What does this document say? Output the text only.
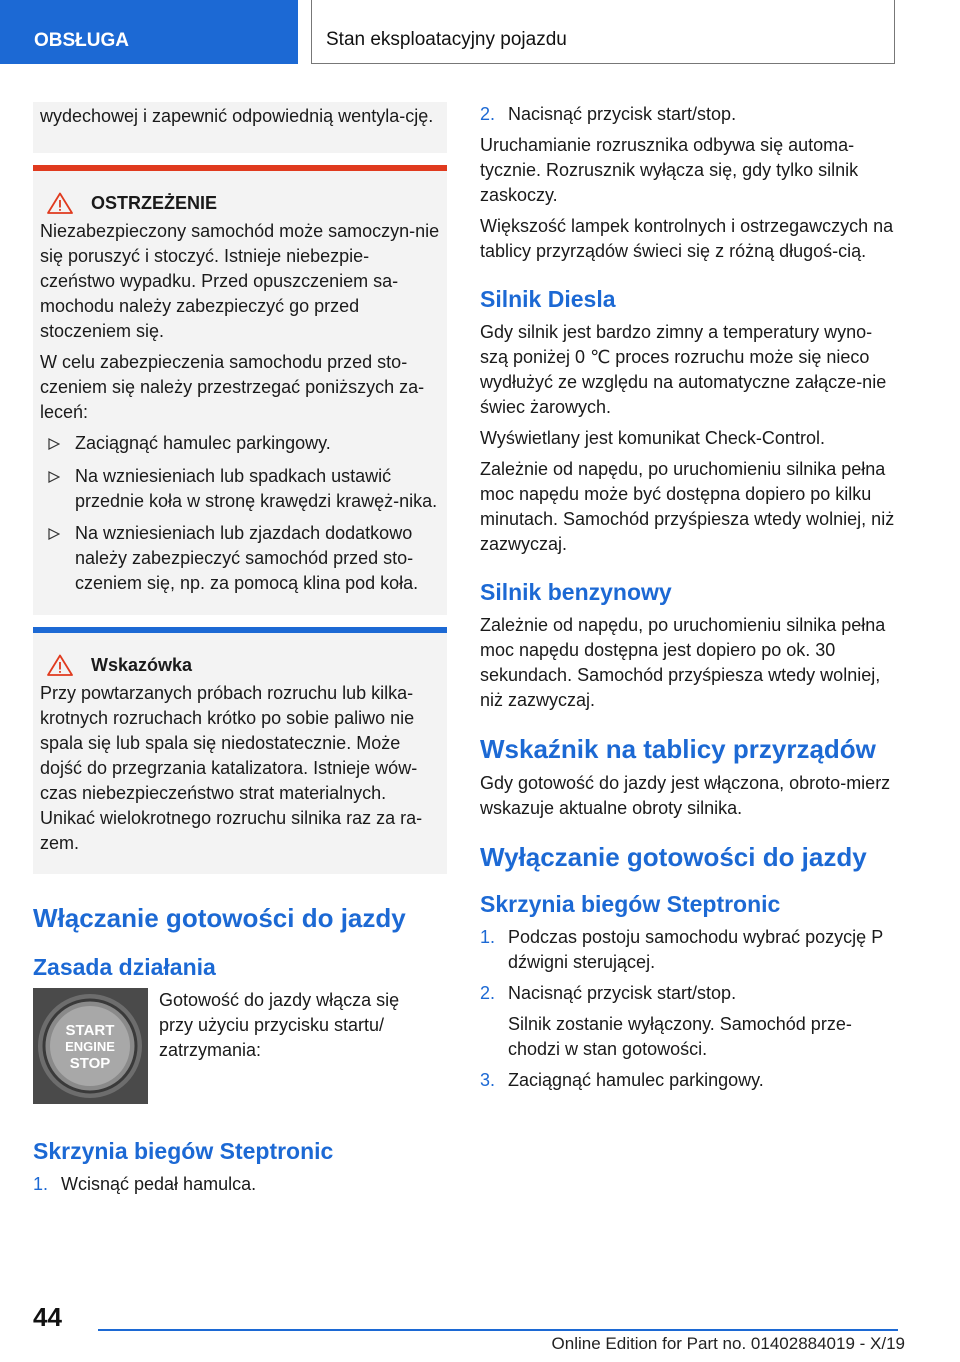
OBSŁUGA	Stan eksploatacyjny pojazdu

wydechowej i zapewnić odpowiednią wentyla-cję.

OSTRZEŻENIE

Niezabezpieczony samochód może samoczyn-nie się poruszyć i stoczyć. Istnieje niebezpie-czeństwo wypadku. Przed opuszczeniem sa-mochodu należy zabezpieczyć go przed stoczeniem się.

W celu zabezpieczenia samochodu przed sto-czeniem się należy przestrzegać poniższych za-leceń:

Zaciągnąć hamulec parkingowy.
Na wzniesieniach lub spadkach ustawić przednie koła w stronę krawędzi krawęż-nika.
Na wzniesieniach lub zjazdach dodatkowo należy zabezpieczyć samochód przed sto-czeniem się, np. za pomocą klina pod koła.
Wskazówka

Przy powtarzanych próbach rozruchu lub kilka-krotnych rozruchach krótko po sobie paliwo nie spala się lub spala się niedostatecznie. Może dojść do przegrzania katalizatora. Istnieje wów-czas niebezpieczeństwo strat materialnych. Unikać wielokrotnego rozruchu silnika raz za ra-zem.

Włączanie gotowości do jazdy
Zasada działania
START
ENGINE
STOP

Gotowość do jazdy włącza się przy użyciu przycisku startu/ zatrzymania:

Skrzynia biegów Steptronic
1. Wcisnąć pedał hamulca.
2. Nacisnąć przycisk start/stop.

Uruchamianie rozrusznika odbywa się automa-tycznie. Rozrusznik wyłącza się, gdy tylko silnik zaskoczy.

Większość lampek kontrolnych i ostrzegawczych na tablicy przyrządów świeci się z różną długoś-cią.

Silnik Diesla

Gdy silnik jest bardzo zimny a temperatury wyno-szą poniżej 0 ℃ proces rozruchu może się nieco wydłużyć ze względu na automatyczne załącze-nie świec żarowych.

Wyświetlany jest komunikat Check-Control.

Zależnie od napędu, po uruchomieniu silnika pełna moc napędu może być dostępna dopiero po kilku minutach. Samochód przyśpiesza wtedy wolniej, niż zazwyczaj.

Silnik benzynowy

Zależnie od napędu, po uruchomieniu silnika pełna moc napędu dostępna jest dopiero po ok. 30 sekundach. Samochód przyśpiesza wtedy wolniej, niż zazwyczaj.

Wskaźnik na tablicy przyrządów

Gdy gotowość do jazdy jest włączona, obroto-mierz wskazuje aktualne obroty silnika.

Wyłączanie gotowości do jazdy
Skrzynia biegów Steptronic
1. Podczas postoju samochodu wybrać pozycję P dźwigni sterującej.
2. Nacisnąć przycisk start/stop.

Silnik zostanie wyłączony. Samochód prze-chodzi w stan gotowości.

3. Zaciągnąć hamulec parkingowy.
44
Online Edition for Part no. 01402884019 - X/19
